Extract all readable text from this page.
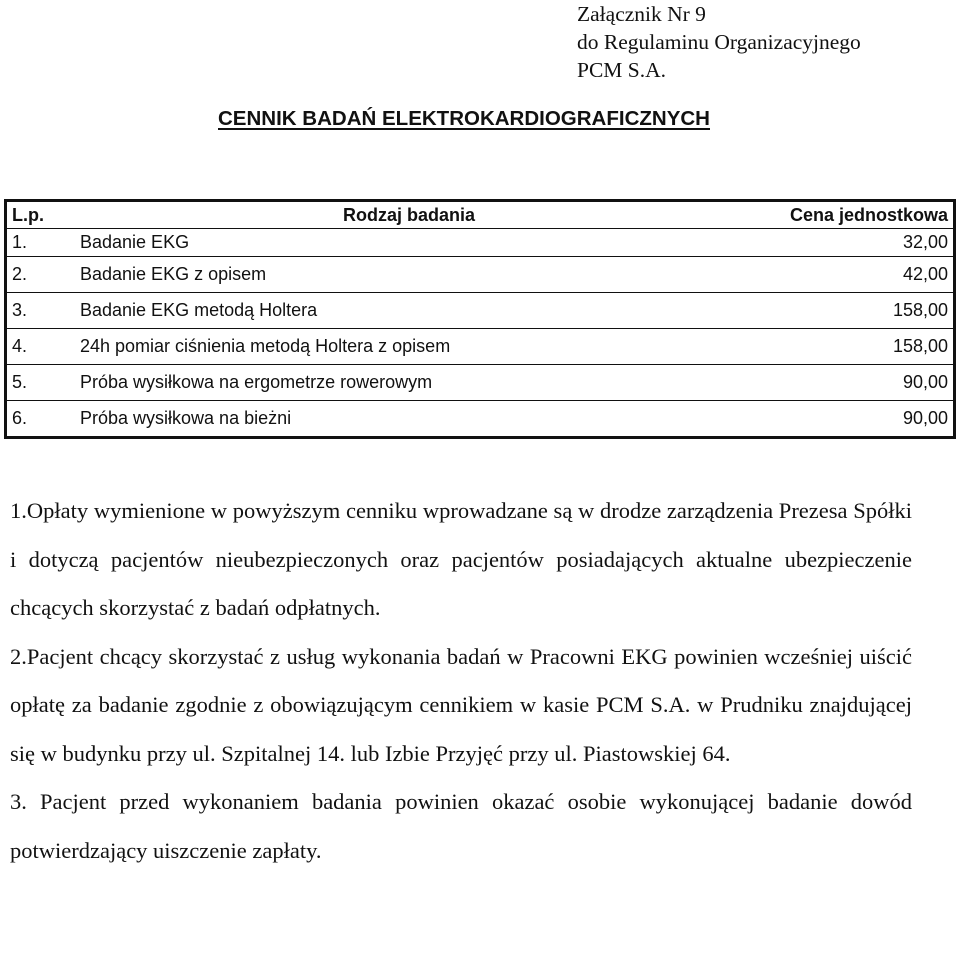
Załącznik Nr 9
do Regulaminu Organizacyjnego
PCM S.A.
CENNIK BADAŃ ELEKTROKARDIOGRAFICZNYCH
L.p.	Rodzaj badania	Cena jednostkowa
1.	Badanie EKG	32,00
2.	Badanie EKG z opisem	42,00
3.	Badanie EKG metodą Holtera	158,00
4.	24h pomiar ciśnienia metodą Holtera z opisem	158,00
5.	Próba wysiłkowa na ergometrze rowerowym	90,00
6.	Próba wysiłkowa na bieżni	90,00

1.Opłaty wymienione w powyższym cenniku wprowadzane są w drodze zarządzenia Prezesa Spółki i dotyczą pacjentów nieubezpieczonych oraz pacjentów posiadających aktualne ubezpieczenie chcących skorzystać z badań odpłatnych.

2.Pacjent chcący skorzystać z usług wykonania badań w Pracowni EKG powinien wcześniej uiścić opłatę za badanie zgodnie z obowiązującym cennikiem w kasie PCM S.A. w Prudniku znajdującej się w budynku przy ul. Szpitalnej 14. lub Izbie Przyjęć przy ul. Piastowskiej 64.

3. Pacjent przed wykonaniem badania powinien okazać osobie wykonującej badanie dowód potwierdzający uiszczenie zapłaty.
